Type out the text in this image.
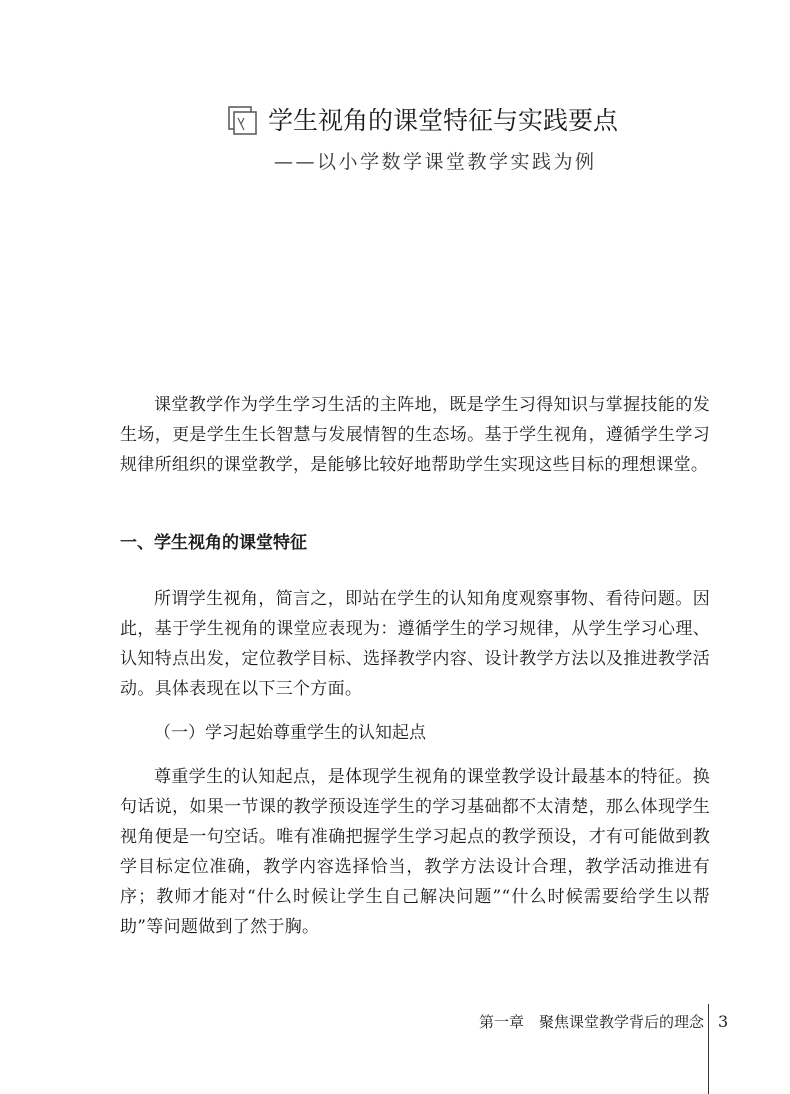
学生视角的课堂特征与实践要点
——以小学数学课堂教学实践为例

课堂教学作为学生学习生活的主阵地，既是学生习得知识与掌握技能的发生场，更是学生生长智慧与发展情智的生态场。基于学生视角，遵循学生学习规律所组织的课堂教学，是能够比较好地帮助学生实现这些目标的理想课堂。

一、学生视角的课堂特征

所谓学生视角，简言之，即站在学生的认知角度观察事物、看待问题。因此，基于学生视角的课堂应表现为：遵循学生的学习规律，从学生学习心理、认知特点出发，定位教学目标、选择教学内容、设计教学方法以及推进教学活动。具体表现在以下三个方面。

（一）学习起始尊重学生的认知起点

尊重学生的认知起点，是体现学生视角的课堂教学设计最基本的特征。换句话说，如果一节课的教学预设连学生的学习基础都不太清楚，那么体现学生视角便是一句空话。唯有准确把握学生学习起点的教学预设，才有可能做到教学目标定位准确，教学内容选择恰当，教学方法设计合理，教学活动推进有序；教师才能对“什么时候让学生自己解决问题”“什么时候需要给学生以帮助”等问题做到了然于胸。

第一章　聚焦课堂教学背后的理念 3
